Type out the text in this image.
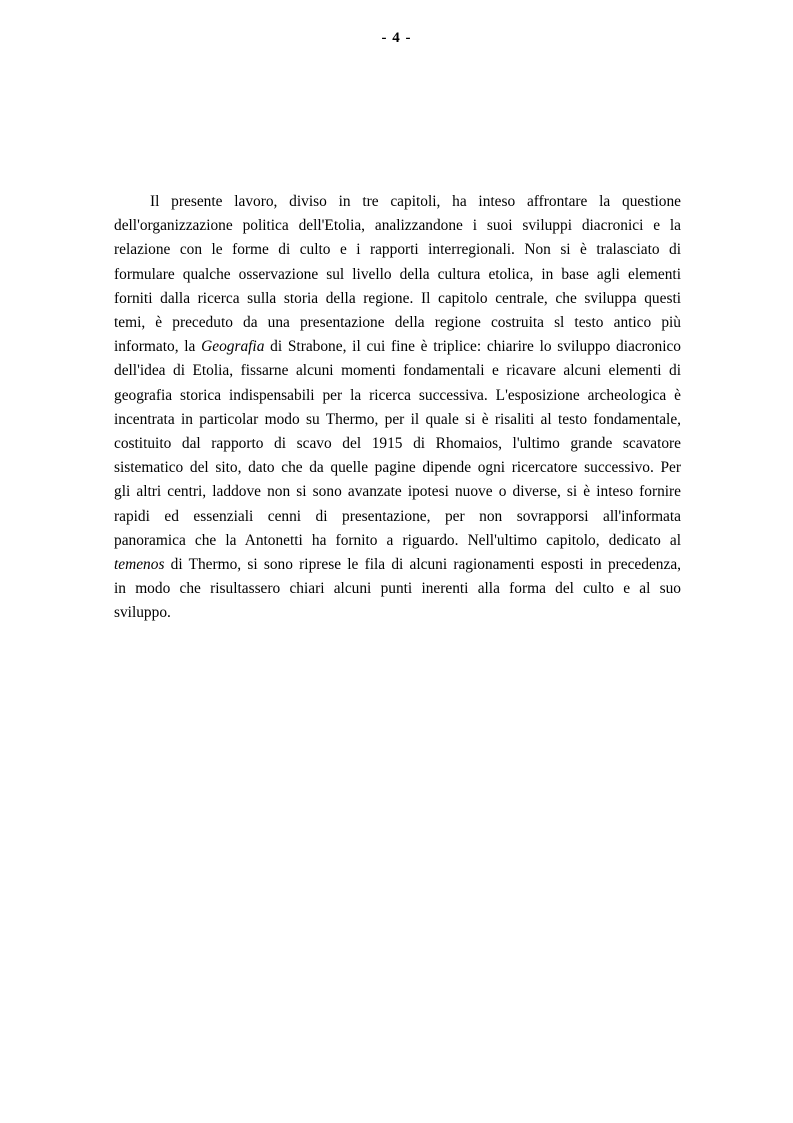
- 4 -
Il presente lavoro, diviso in tre capitoli, ha inteso affrontare la questione
dell'organizzazione politica dell'Etolia, analizzandone i suoi sviluppi diacronici e la
relazione con le forme di culto e i rapporti interregionali. Non si è tralasciato di
formulare qualche osservazione sul livello della cultura etolica, in base agli elementi
forniti dalla ricerca sulla storia della regione. Il capitolo centrale, che sviluppa questi
temi, è preceduto da una presentazione della regione costruita sl testo antico più
informato, la Geografia di Strabone, il cui fine è triplice: chiarire lo sviluppo diacronico
dell'idea di Etolia, fissarne alcuni momenti fondamentali e ricavare alcuni elementi di
geografia storica indispensabili per la ricerca successiva. L'esposizione archeologica è
incentrata in particolar modo su Thermo, per il quale si è risaliti al testo fondamentale,
costituito dal rapporto di scavo del 1915 di Rhomaios, l'ultimo grande scavatore
sistematico del sito, dato che da quelle pagine dipende ogni ricercatore successivo. Per
gli altri centri, laddove non si sono avanzate ipotesi nuove o diverse, si è inteso fornire
rapidi ed essenziali cenni di presentazione, per non sovrapporsi all'informata
panoramica che la Antonetti ha fornito a riguardo. Nell'ultimo capitolo, dedicato al
temenos di Thermo, si sono riprese le fila di alcuni ragionamenti esposti in precedenza,
in modo che risultassero chiari alcuni punti inerenti alla forma del culto e al suo
sviluppo.
